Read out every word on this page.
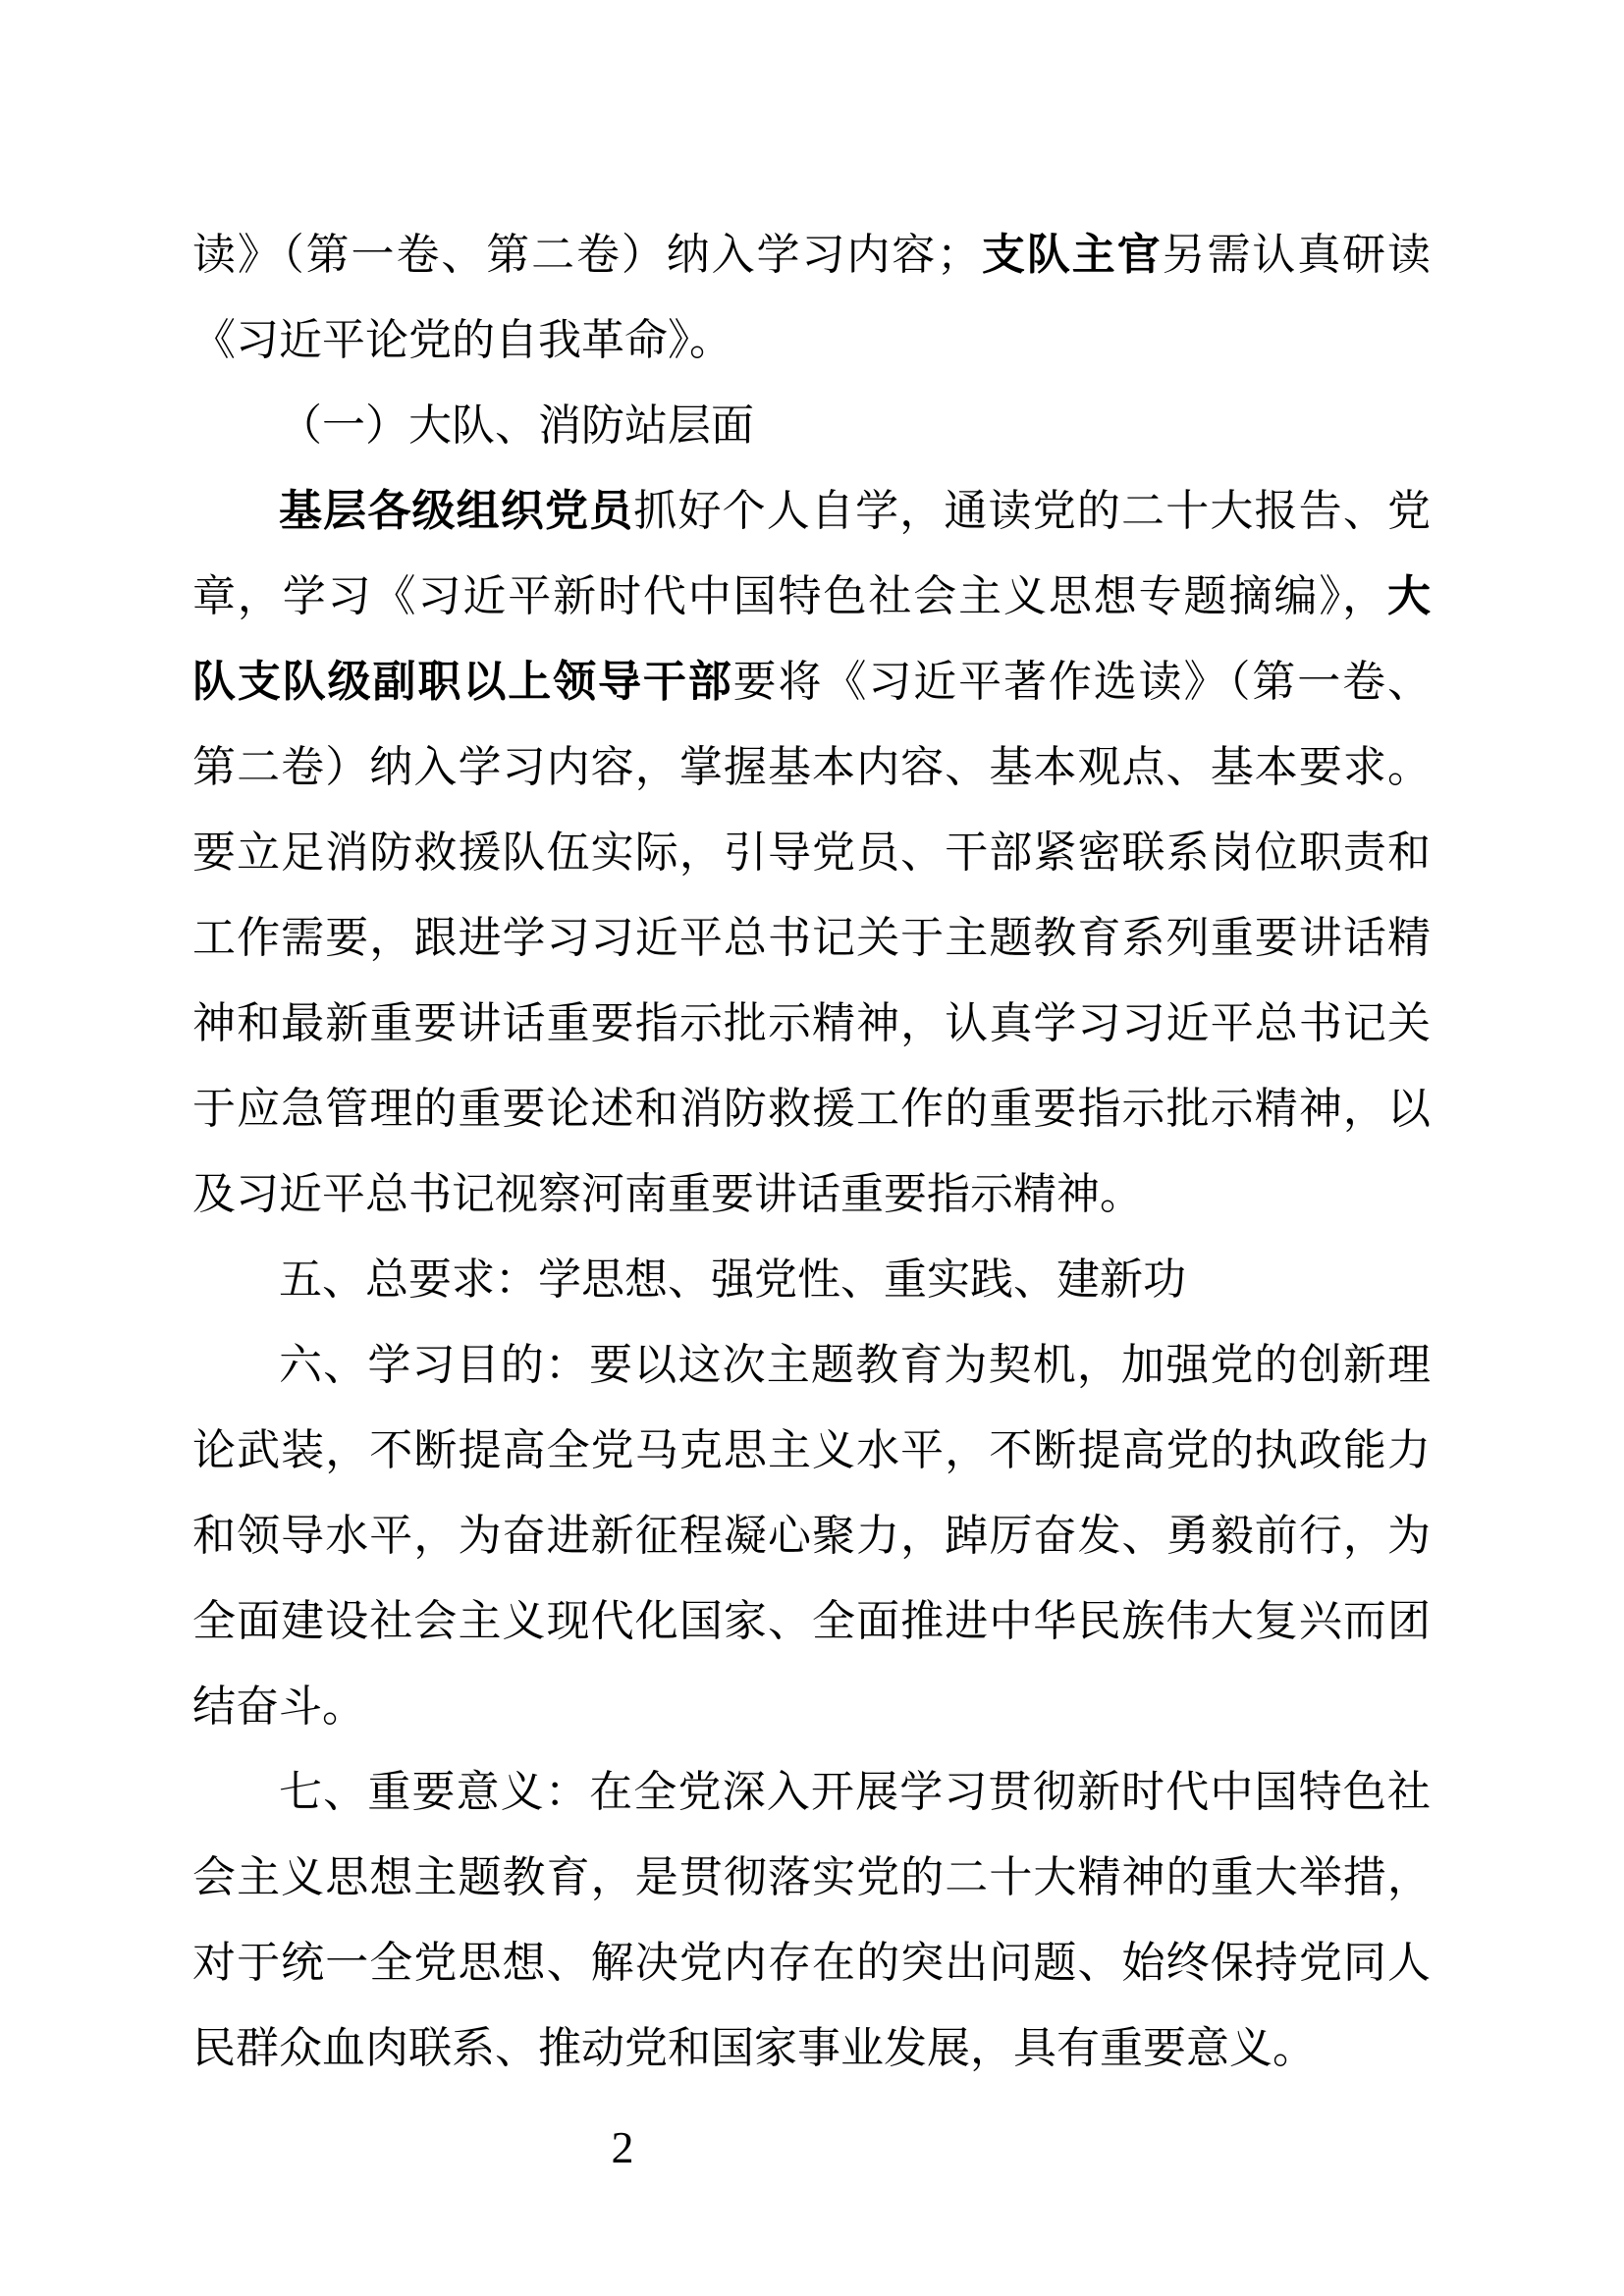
读》（第一卷、第二卷）纳入学习内容；支队主官另需认真研读
《习近平论党的自我革命》。
（一）大队、消防站层面
基层各级组织党员抓好个人自学，通读党的二十大报告、党
章，学习《习近平新时代中国特色社会主义思想专题摘编》，大
队支队级副职以上领导干部要将《习近平著作选读》（第一卷、
第二卷）纳入学习内容，掌握基本内容、基本观点、基本要求。
要立足消防救援队伍实际，引导党员、干部紧密联系岗位职责和
工作需要，跟进学习习近平总书记关于主题教育系列重要讲话精
神和最新重要讲话重要指示批示精神，认真学习习近平总书记关
于应急管理的重要论述和消防救援工作的重要指示批示精神，以
及习近平总书记视察河南重要讲话重要指示精神。
五、总要求：学思想、强党性、重实践、建新功
六、学习目的：要以这次主题教育为契机，加强党的创新理
论武装，不断提高全党马克思主义水平，不断提高党的执政能力
和领导水平，为奋进新征程凝心聚力，踔厉奋发、勇毅前行，为
全面建设社会主义现代化国家、全面推进中华民族伟大复兴而团
结奋斗。
七、重要意义：在全党深入开展学习贯彻新时代中国特色社
会主义思想主题教育，是贯彻落实党的二十大精神的重大举措，
对于统一全党思想、解决党内存在的突出问题、始终保持党同人
民群众血肉联系、推动党和国家事业发展，具有重要意义。
2
